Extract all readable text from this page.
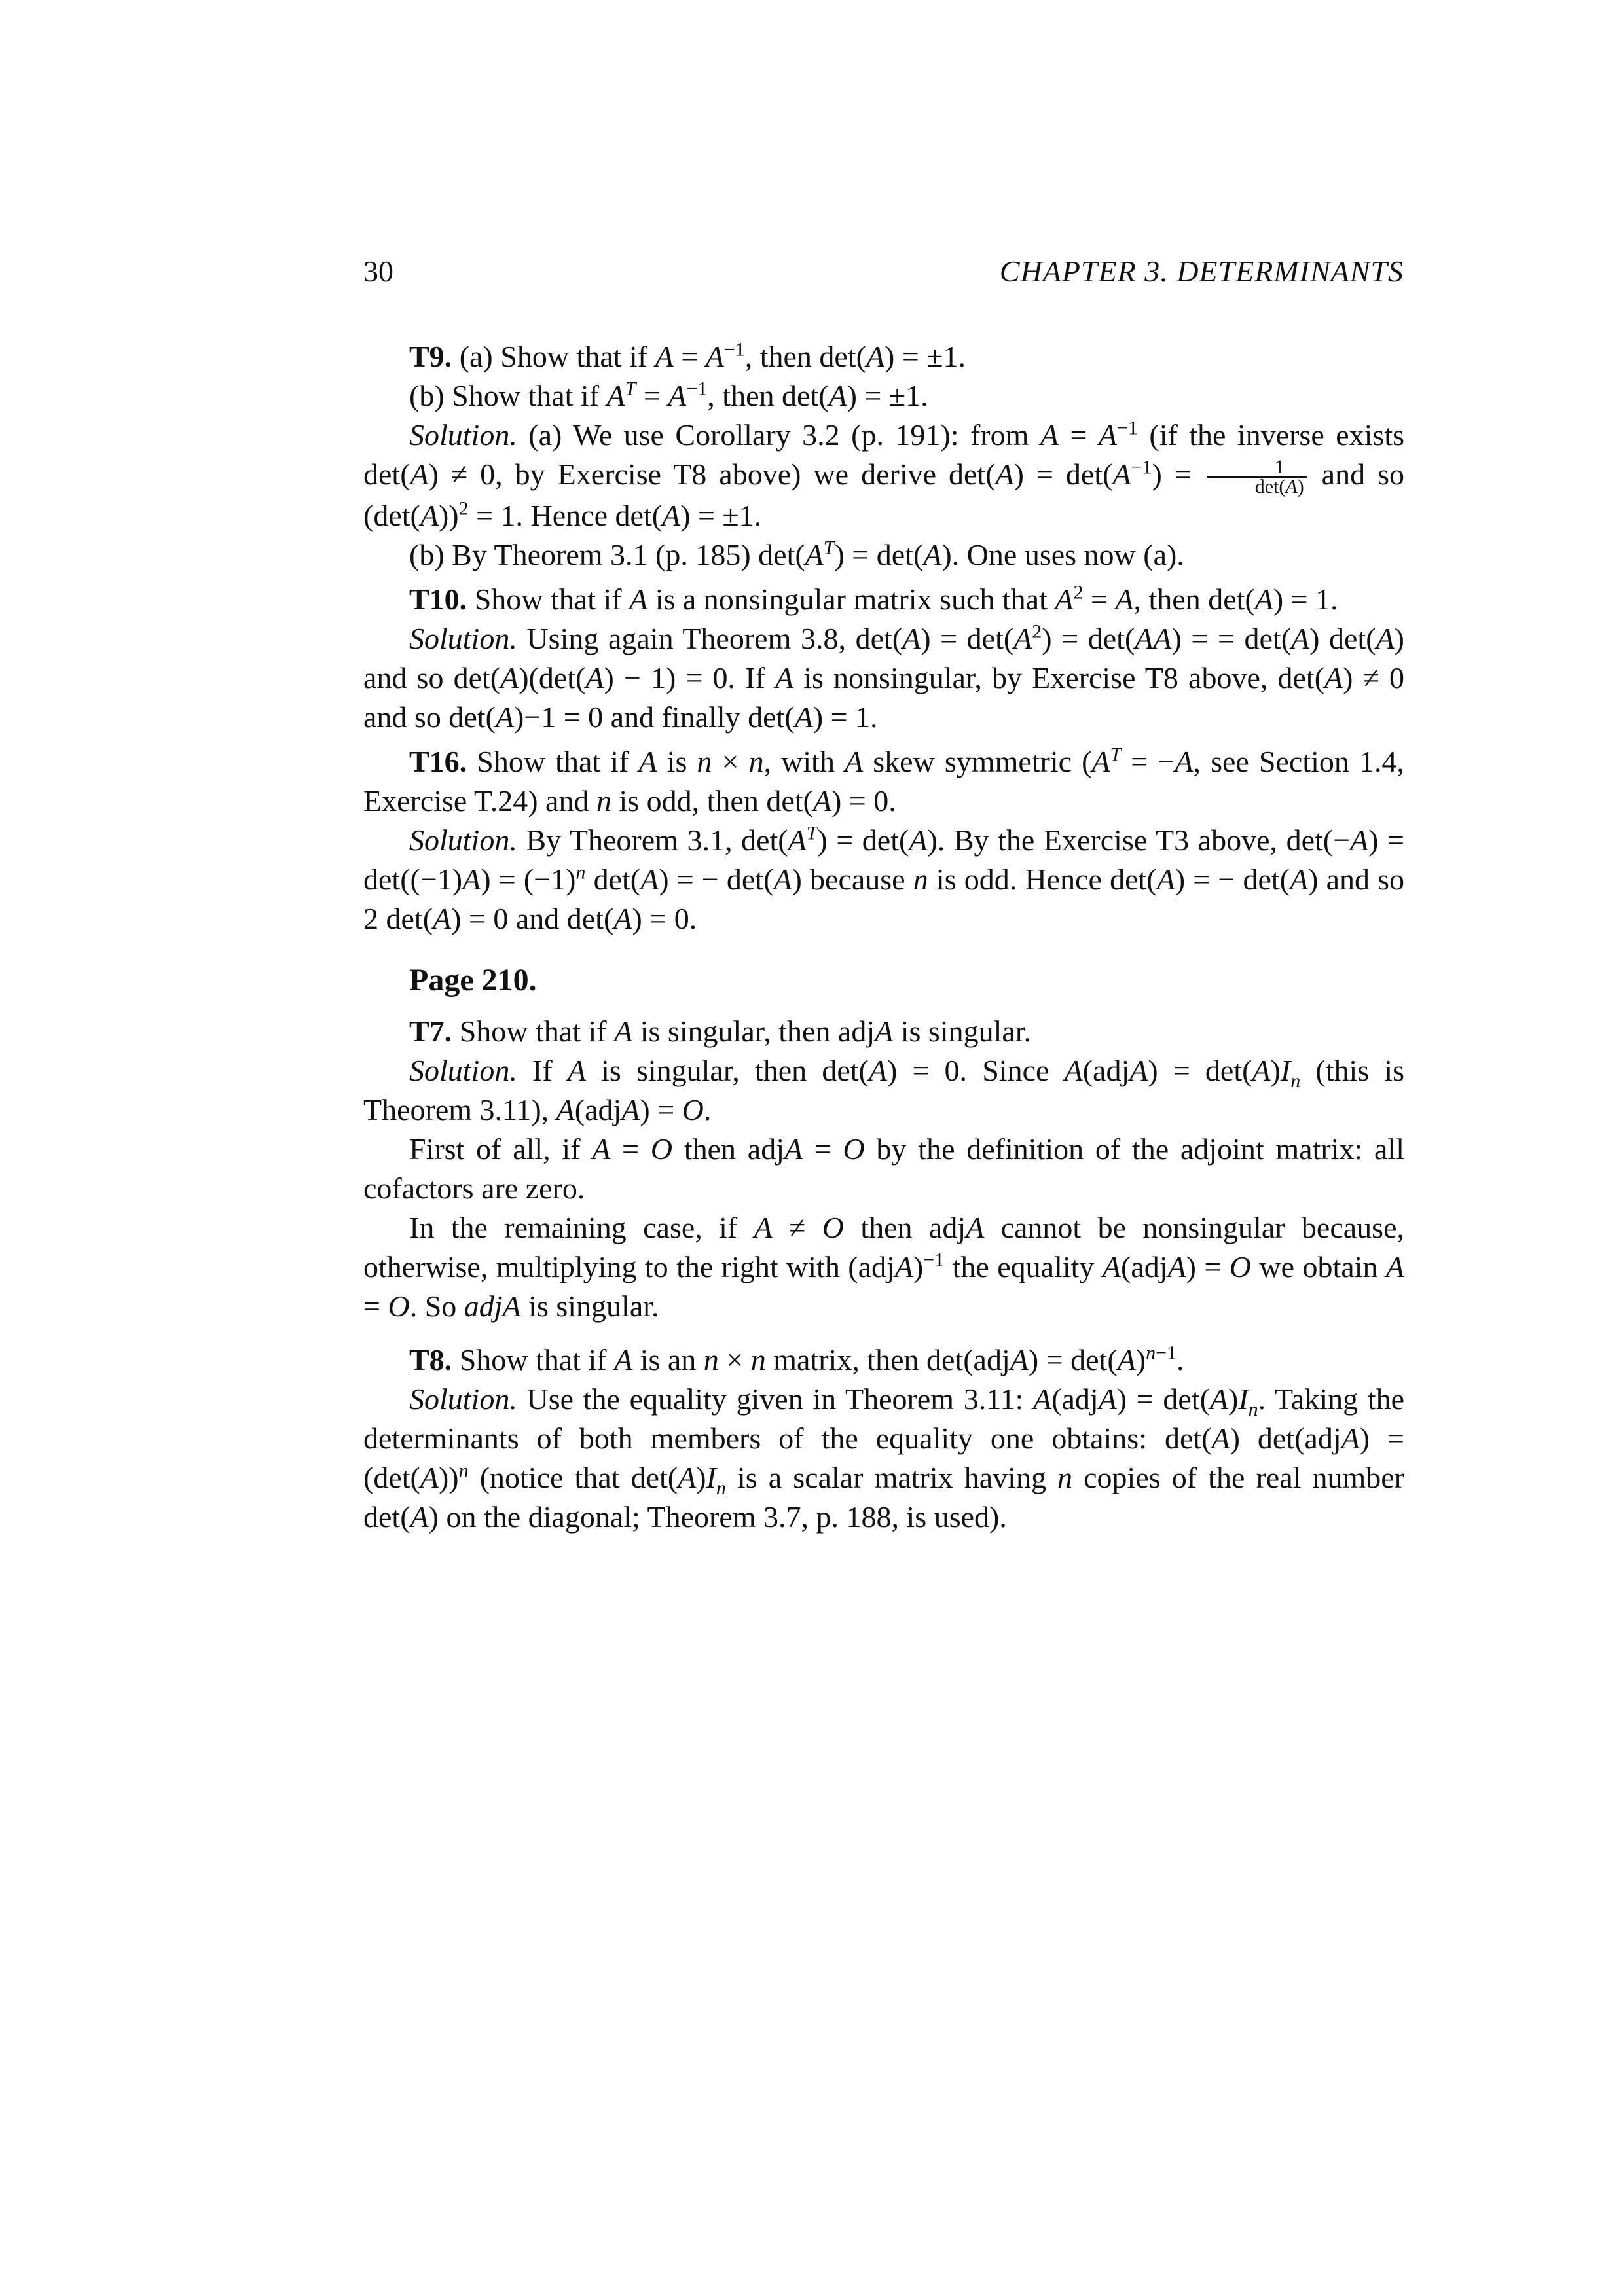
30	CHAPTER 3. DETERMINANTS

T9. (a) Show that if $A = A^{-1}$, then det(A) = ±1.

(b) Show that if $A^T = A^{-1}$, then det(A) = ±1.

Solution. (a) We use Corollary 3.2 (p. 191): from $A = A^{-1}$ (if the inverse exists det(A) ≠ 0, by Exercise T8 above) we derive $\det(A) = \det(A^{-1}) = \frac{1}{\det(A)}$ and so $(\det(A))^2 = 1$. Hence det(A) = ±1.

(b) By Theorem 3.1 (p. 185) $\det(A^T) = \det(A)$. One uses now (a).

T10. Show that if A is a nonsingular matrix such that $A^2 = A$, then det(A) = 1.

Solution. Using again Theorem 3.8, $\det(A) = \det(A^2) = \det(AA)$ = = det(A) det(A) and so det(A)(det(A) − 1) = 0. If A is nonsingular, by Exercise T8 above, det(A) ≠ 0 and so det(A)−1 = 0 and finally det(A) = 1.

T16. Show that if A is n × n, with A skew symmetric ($A^T = -A$, see Section 1.4, Exercise T.24) and n is odd, then det(A) = 0.

Solution. By Theorem 3.1, $\det(A^T) = \det(A)$. By the Exercise T3 above, $\det(-A) = \det((-1)A) = (-1)^n$ det(A) = − det(A) because n is odd. Hence det(A) = − det(A) and so 2 det(A) = 0 and det(A) = 0.

Page 210.

T7. Show that if A is singular, then adjA is singular.

Solution. If A is singular, then det(A) = 0. Since A(adjA) = $\det(A)I_n$ (this is Theorem 3.11), A(adjA) = O.

First of all, if A = O then adjA = O by the definition of the adjoint matrix: all cofactors are zero.

In the remaining case, if A ≠ O then adjA cannot be nonsingular because, otherwise, multiplying to the right with (adjA)$^{-1}$ the equality A(adjA) = O we obtain A = O. So adjA is singular.

T8. Show that if A is an n × n matrix, then det(adjA) = $\det(A)^{n-1}$.

Solution. Use the equality given in Theorem 3.11: A(adjA) = $\det(A)I_n$. Taking the determinants of both members of the equality one obtains: det(A) det(adjA) = $(\det(A))^n$ (notice that $\det(A)I_n$ is a scalar matrix having n copies of the real number det(A) on the diagonal; Theorem 3.7, p. 188, is used).
